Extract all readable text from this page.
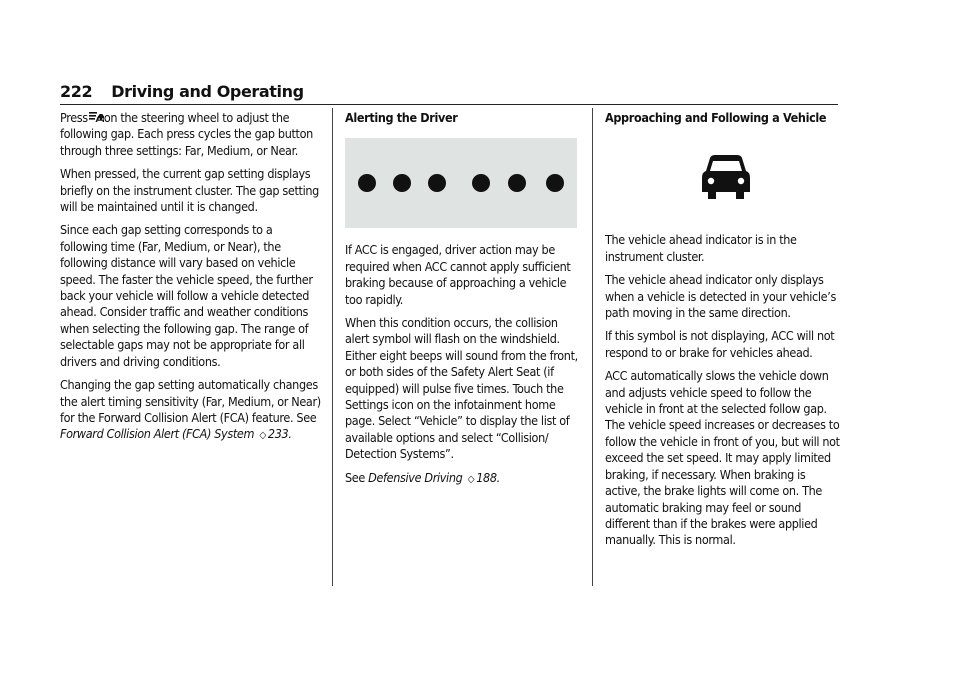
222 Driving and Operating

Press on the steering wheel to adjust the following gap. Each press cycles the gap button through three settings: Far, Medium, or Near.

When pressed, the current gap setting displays briefly on the instrument cluster. The gap setting will be maintained until it is changed.

Since each gap setting corresponds to a following time (Far, Medium, or Near), the following distance will vary based on vehicle speed. The faster the vehicle speed, the further back your vehicle will follow a vehicle detected ahead. Consider traffic and weather conditions when selecting the following gap. The range of selectable gaps may not be appropriate for all drivers and driving conditions.

Changing the gap setting automatically changes the alert timing sensitivity (Far, Medium, or Near) for the Forward Collision Alert (FCA) feature. See Forward Collision Alert (FCA) System ◇ 233.

Alerting the Driver

If ACC is engaged, driver action may be required when ACC cannot apply sufficient braking because of approaching a vehicle too rapidly.

When this condition occurs, the collision alert symbol will flash on the windshield. Either eight beeps will sound from the front, or both sides of the Safety Alert Seat (if equipped) will pulse five times. Touch the Settings icon on the infotainment home page. Select “Vehicle” to display the list of available options and select “Collision/ Detection Systems”.

See Defensive Driving ◇ 188.

Approaching and Following a Vehicle

The vehicle ahead indicator is in the instrument cluster.

The vehicle ahead indicator only displays when a vehicle is detected in your vehicle’s path moving in the same direction.

If this symbol is not displaying, ACC will not respond to or brake for vehicles ahead.

ACC automatically slows the vehicle down and adjusts vehicle speed to follow the vehicle in front at the selected follow gap. The vehicle speed increases or decreases to follow the vehicle in front of you, but will not exceed the set speed. It may apply limited braking, if necessary. When braking is active, the brake lights will come on. The automatic braking may feel or sound different than if the brakes were applied manually. This is normal.
